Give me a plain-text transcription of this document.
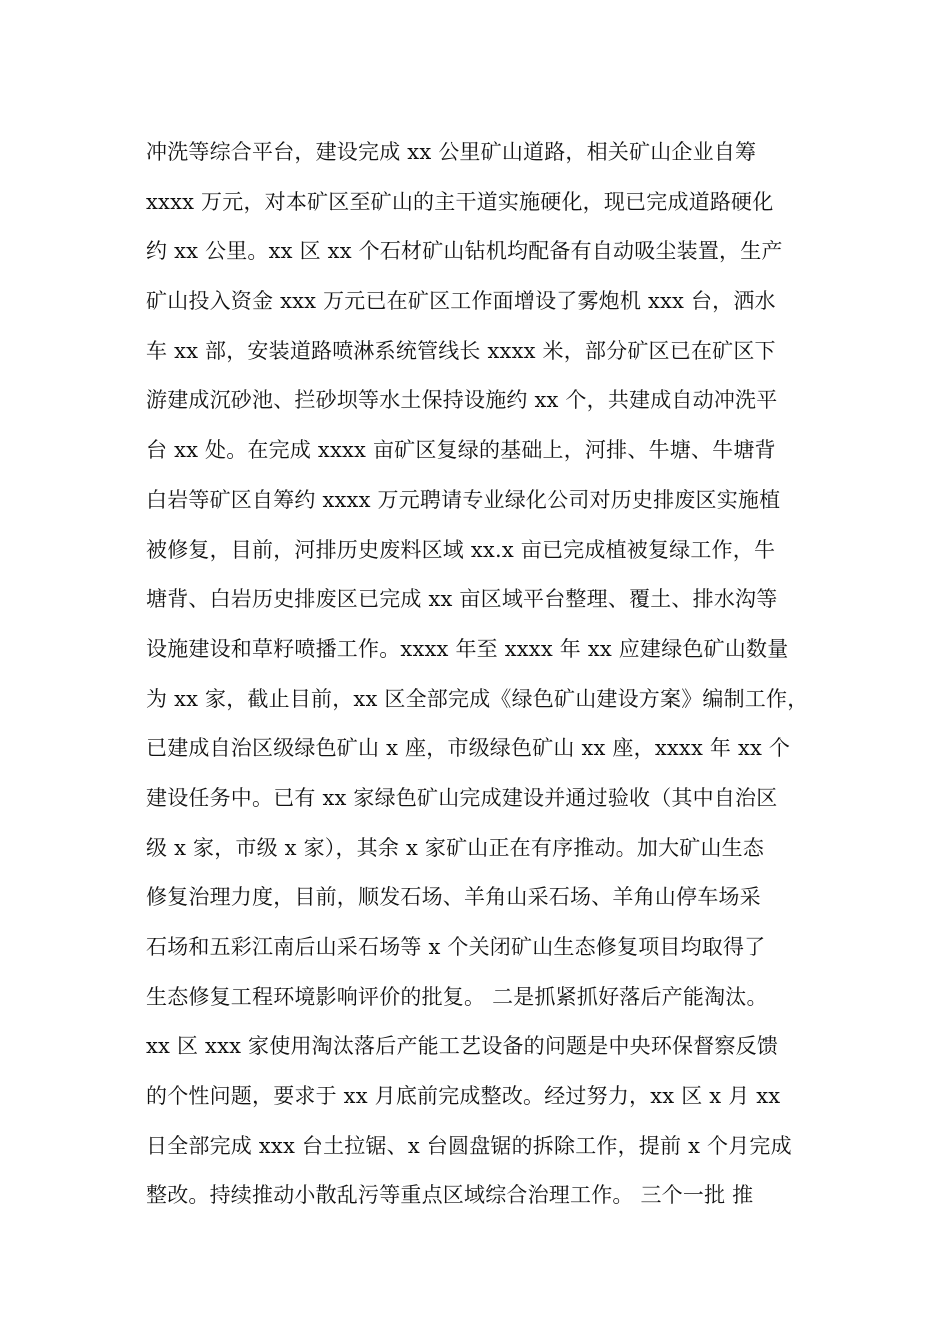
冲洗等综合平台，建设完成 xx 公里矿山道路，相关矿山企业自筹
xxxx 万元，对本矿区至矿山的主干道实施硬化，现已完成道路硬化
约 xx 公里。xx 区 xx 个石材矿山钻机均配备有自动吸尘装置，生产
矿山投入资金 xxx 万元已在矿区工作面增设了雾炮机 xxx 台，洒水
车 xx 部，安装道路喷淋系统管线长 xxxx 米，部分矿区已在矿区下
游建成沉砂池、拦砂坝等水土保持设施约 xx 个，共建成自动冲洗平
台 xx 处。在完成 xxxx 亩矿区复绿的基础上，河排、牛塘、牛塘背
白岩等矿区自筹约 xxxx 万元聘请专业绿化公司对历史排废区实施植
被修复，目前，河排历史废料区域 xx.x 亩已完成植被复绿工作，牛
塘背、白岩历史排废区已完成 xx 亩区域平台整理、覆土、排水沟等
设施建设和草籽喷播工作。xxxx 年至 xxxx 年 xx 应建绿色矿山数量
为 xx 家，截止目前，xx 区全部完成《绿色矿山建设方案》编制工作，
已建成自治区级绿色矿山 x 座，市级绿色矿山 xx 座，xxxx 年 xx 个
建设任务中。已有 xx 家绿色矿山完成建设并通过验收（其中自治区
级 x 家，市级 x 家），其余 x 家矿山正在有序推动。加大矿山生态
修复治理力度，目前，顺发石场、羊角山采石场、羊角山停车场采
石场和五彩江南后山采石场等 x 个关闭矿山生态修复项目均取得了
生态修复工程环境影响评价的批复。 二是抓紧抓好落后产能淘汰。
xx 区 xxx 家使用淘汰落后产能工艺设备的问题是中央环保督察反馈
的个性问题，要求于 xx 月底前完成整改。经过努力，xx 区 x 月 xx
日全部完成 xxx 台土拉锯、x 台圆盘锯的拆除工作，提前 x 个月完成
整改。持续推动小散乱污等重点区域综合治理工作。 三个一批 推
